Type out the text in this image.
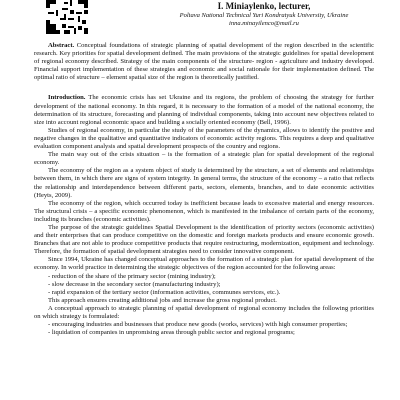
I. Miniaylenko, lecturer,
Poltava National Technical Yuri Kondratyuk University, Ukraine
inna.minayilenco@mail.ru

Abstract. Conceptual foundations of strategic planning of spatial development of the region described in the scientific research. Key priorities for spatial development defined. The main provisions of the strategic guidelines for spatial development of regional economy described. Strategy of the main components of the structure- region - agriculture and industry developed. Financial support implementation of these strategies and economic and social rationale for their implementation defined. The optimal ratio of structure – element spatial size of the region is theoretically justified.

Introduction. The economic crisis has set Ukraine and its regions, the problem of choosing the strategy for further development of the national economy. In this regard, it is necessary to the formation of a model of the national economy, the determination of its structure, forecasting and planning of individual components, taking into account new objectives related to size into account regional economic space and building a socially oriented economy (Bell, 1996).

Studies of regional economy, in particular the study of the parameters of the dynamics, allows to identify the positive and negative changes in the qualitative and quantitative indicators of economic activity regions. This requires a deep and qualitative evaluation component analysis and spatial development prospects of the country and regions.

The main way out of the crisis situation – is the formation of a strategic plan for spatial development of the regional economy.

The economy of the region as a system object of study is determined by the structure, a set of elements and relationships between them, in which there are signs of system integrity. In general terms, the structure of the economy – a ratio that reflects the relationship and interdependence between different parts, sectors, elements, branches, and to date economic activities (Heyts, 2009).

The economy of the region, which occurred today is inefficient because leads to excessive material and energy resources. The structural crisis – a specific economic phenomenon, which is manifested in the imbalance of certain parts of the economy, including its branches (economic activities).

The purpose of the strategic guidelines Spatial Development is the identification of priority sectors (economic activities) and their enterprises that can produce competitive on the domestic and foreign markets products and ensure economic growth. Branches that are not able to produce competitive products that require restructuring, modernization, equipment and technology. Therefore, the formation of spatial development strategies need to consider innovative component.

Since 1994, Ukraine has changed conceptual approaches to the formation of a strategic plan for spatial development of the economy. In world practice in determining the strategic objectives of the region accounted for the following areas:

- reduction of the share of the primary sector (mining industry);

- slow decrease in the secondary sector (manufacturing industry);

- rapid expansion of the tertiary sector (information activities, communes services, etc.).

This approach ensures creating additional jobs and increase the gross regional product.

A conceptual approach to strategic planning of spatial development of regional economy includes the following priorities on which strategy is formulated:

- encouraging industries and businesses that produce new goods (works, services) with high consumer properties;

- liquidation of companies in unpromising areas through public sector and regional programs;
